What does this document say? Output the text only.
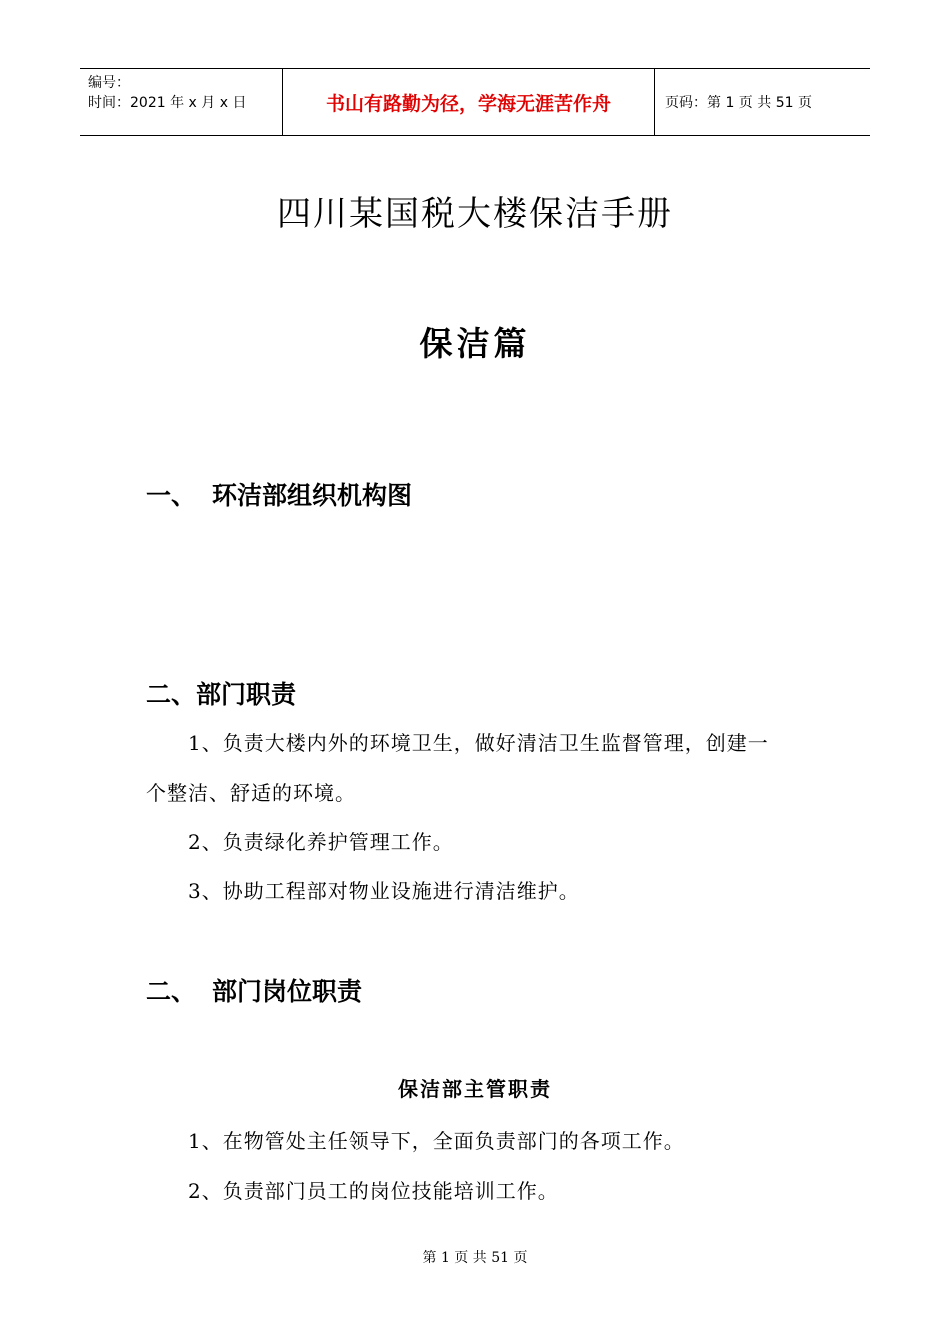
编号：
时间：2021 年 x 月 x 日	书山有路勤为径，学海无涯苦作舟	页码：第 1 页 共 51 页
四川某国税大楼保洁手册
保洁篇
一、 环洁部组织机构图
二、部门职责
1、负责大楼内外的环境卫生，做好清洁卫生监督管理，创建一
个整洁、舒适的环境。
2、负责绿化养护管理工作。
3、协助工程部对物业设施进行清洁维护。
二、 部门岗位职责
保洁部主管职责
1、在物管处主任领导下，全面负责部门的各项工作。
2、负责部门员工的岗位技能培训工作。
第 1 页 共 51 页
